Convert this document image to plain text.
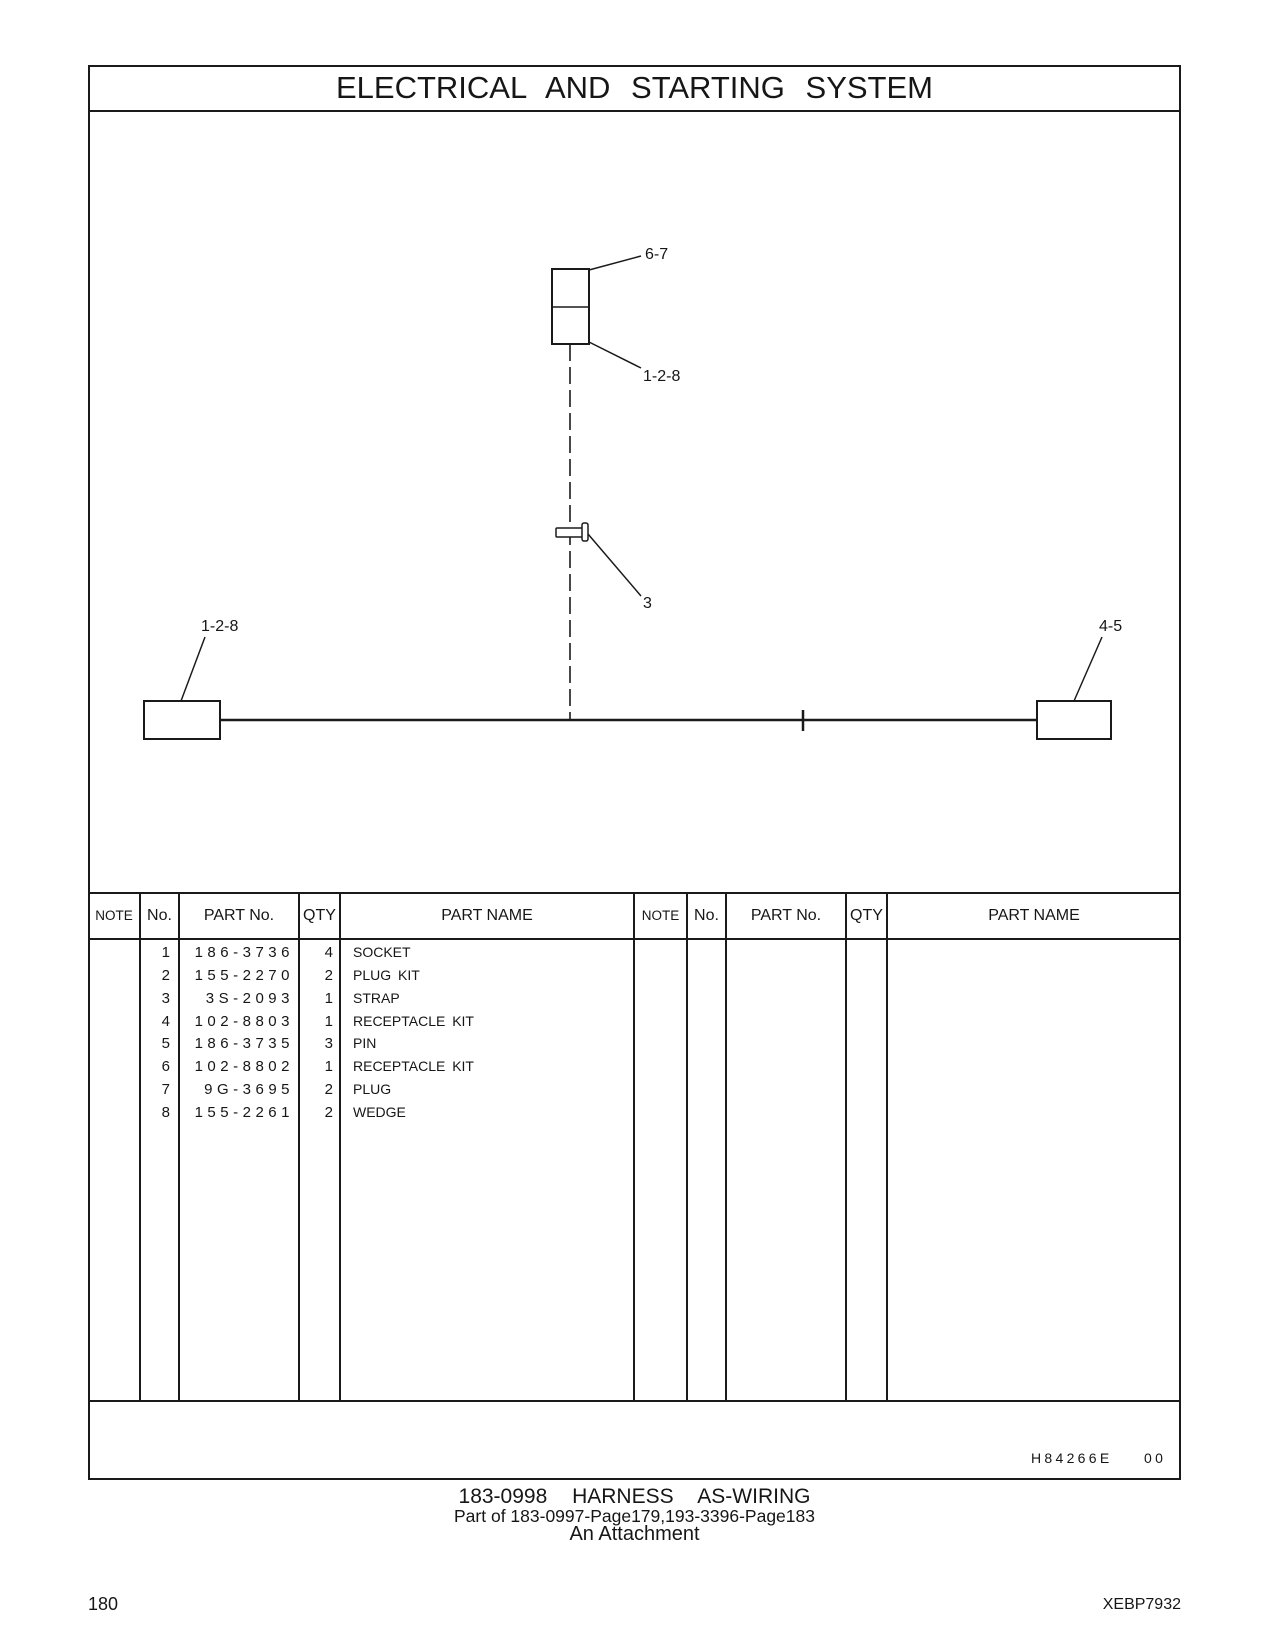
ELECTRICAL AND STARTING SYSTEM
6-7
1-2-8
3
1-2-8	4-5
NOTE No.	PART No.	QTY	PART NAME	NOTE No.	PART No.	QTY	PART NAME
1	186-3736	4	SOCKET
2	155-2270	2	PLUG KIT
3	3S-2093	1	STRAP
4	102-8803	1	RECEPTACLE KIT
5	186-3735	3	PIN
6	102-8802	1	RECEPTACLE KIT
7	9G-3695	2	PLUG
8	155-2261	2	WEDGE
H84266E 00
183-0998 HARNESS AS-WIRING
Part of 183-0997-Page179,193-3396-Page183
An Attachment
180	XEBP7932
